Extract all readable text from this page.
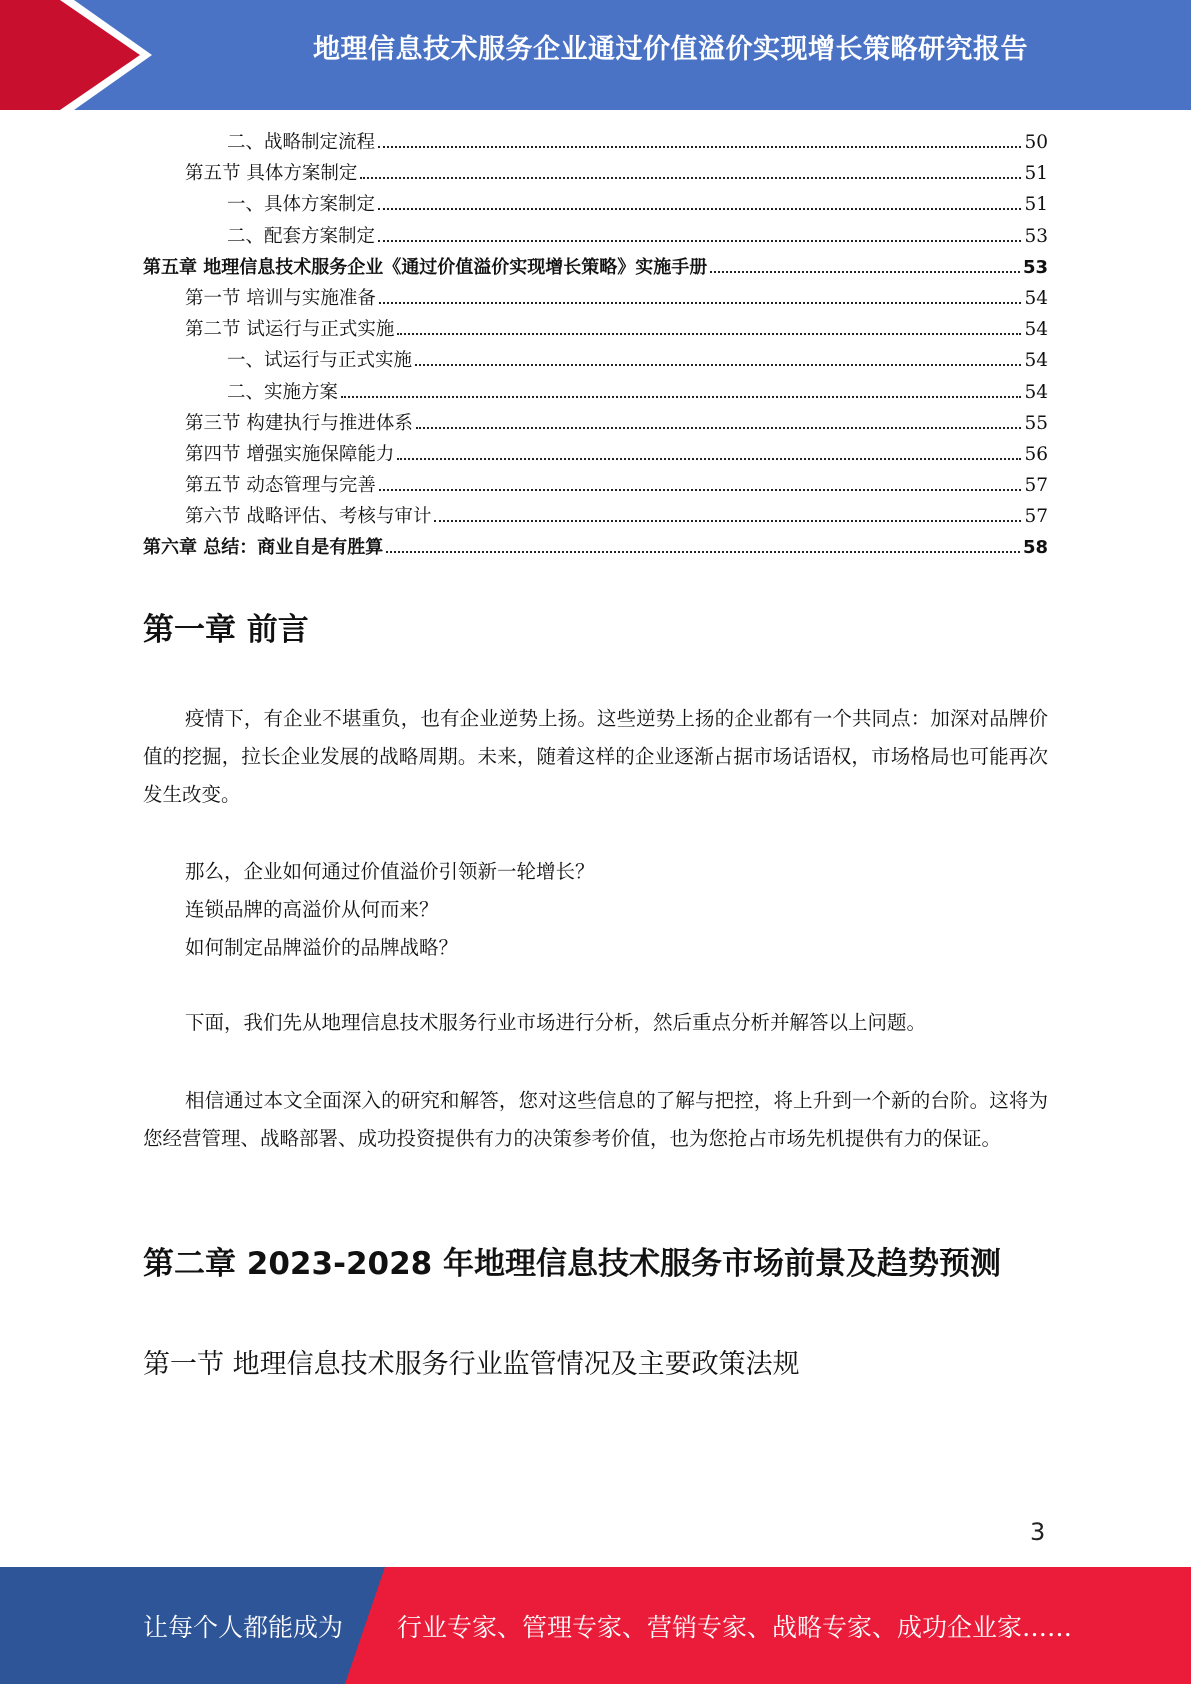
地理信息技术服务企业通过价值溢价实现增长策略研究报告
二、战略制定流程	50
第五节 具体方案制定	51
一、具体方案制定	51
二、配套方案制定	53
第五章 地理信息技术服务企业《通过价值溢价实现增长策略》实施手册	53
第一节 培训与实施准备	54
第二节 试运行与正式实施	54
一、试运行与正式实施	54
二、实施方案	54
第三节 构建执行与推进体系	55
第四节 增强实施保障能力	56
第五节 动态管理与完善	57
第六节 战略评估、考核与审计	57
第六章 总结：商业自是有胜算	58
第一章 前言
疫情下，有企业不堪重负，也有企业逆势上扬。这些逆势上扬的企业都有一个共同点：加深对品牌价值的挖掘，拉长企业发展的战略周期。未来，随着这样的企业逐渐占据市场话语权，市场格局也可能再次发生改变。
那么，企业如何通过价值溢价引领新一轮增长？
连锁品牌的高溢价从何而来？
如何制定品牌溢价的品牌战略？
下面，我们先从地理信息技术服务行业市场进行分析，然后重点分析并解答以上问题。
相信通过本文全面深入的研究和解答，您对这些信息的了解与把控，将上升到一个新的台阶。这将为您经营管理、战略部署、成功投资提供有力的决策参考价值，也为您抢占市场先机提供有力的保证。
第二章 2023-2028 年地理信息技术服务市场前景及趋势预测
第一节 地理信息技术服务行业监管情况及主要政策法规
3
让每个人都能成为 行业专家、管理专家、营销专家、战略专家、成功企业家……
